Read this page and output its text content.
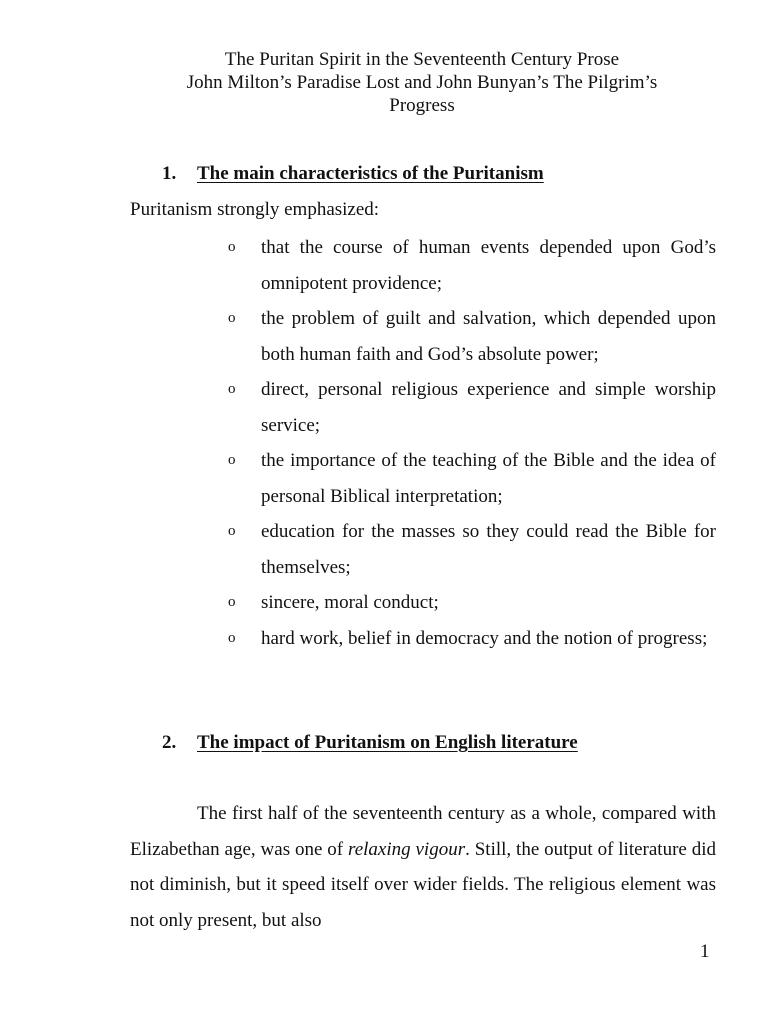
The Puritan Spirit in the Seventeenth Century Prose
John Milton’s Paradise Lost and John Bunyan’s The Pilgrim’s
Progress
1. The main characteristics of the Puritanism
Puritanism strongly emphasized:
o that the course of human events depended upon God’s omnipotent providence;
o the problem of guilt and salvation, which depended upon both human faith and God’s absolute power;
o direct, personal religious experience and simple worship service;
o the importance of the teaching of the Bible and the idea of personal Biblical interpretation;
o education for the masses so they could read the Bible for themselves;
o sincere, moral conduct;
o hard work, belief in democracy and the notion of progress;
2. The impact of Puritanism on English literature

The first half of the seventeenth century as a whole, compared with Elizabethan age, was one of relaxing vigour. Still, the output of literature did not diminish, but it speed itself over wider fields. The religious element was not only present, but also

1
